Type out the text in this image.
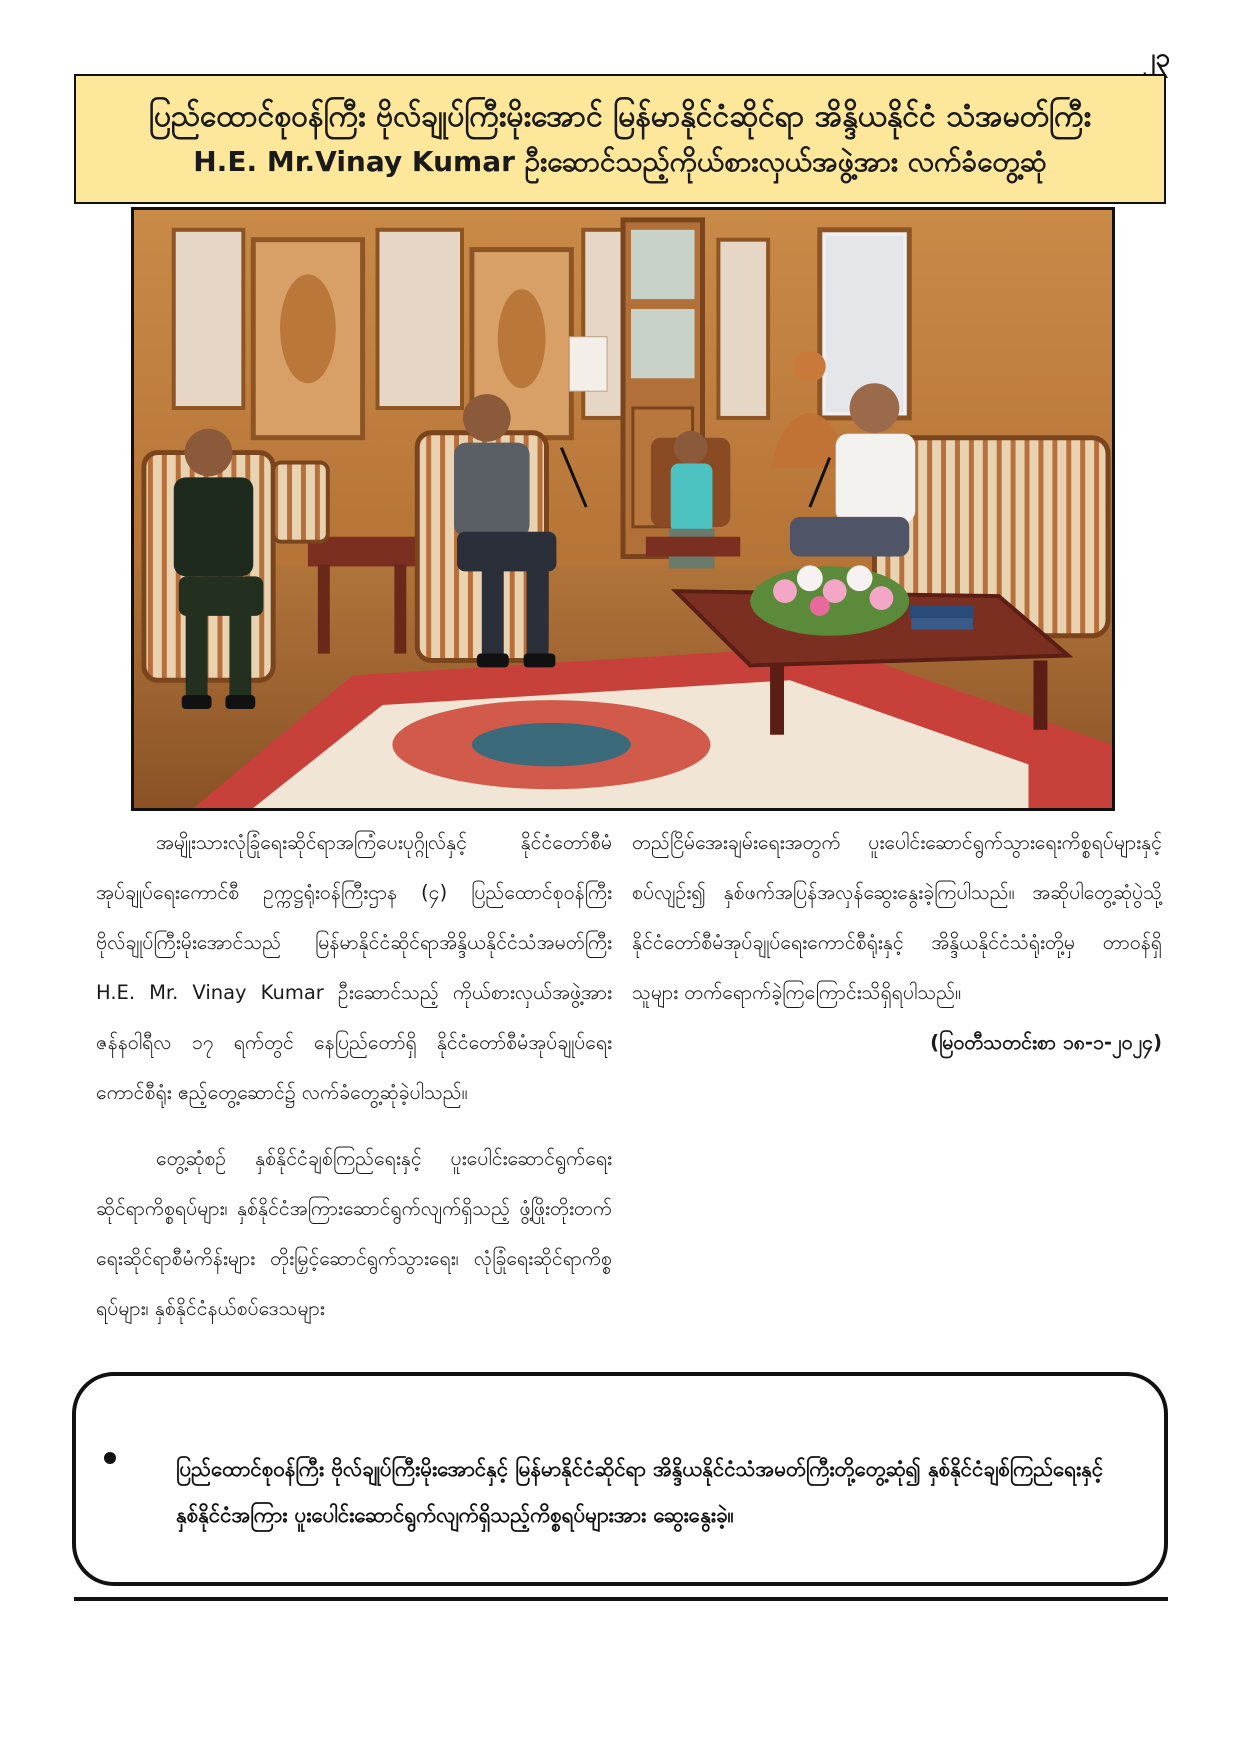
၂၃
ပြည်ထောင်စုဝန်ကြီး ဗိုလ်ချုပ်ကြီးမိုးအောင် မြန်မာနိုင်ငံဆိုင်ရာ အိန္ဒိယနိုင်ငံ သံအမတ်ကြီး
H.E. Mr.Vinay Kumar ဦးဆောင်သည့်ကိုယ်စားလှယ်အဖွဲ့အား လက်ခံတွေ့ဆုံ

အမျိုးသားလုံခြုံရေးဆိုင်ရာအကြံပေးပုဂ္ဂိုလ်နှင့် နိုင်ငံတော်စီမံအုပ်ချုပ်ရေးကောင်စီ ဥက္ကဋ္ဌရုံးဝန်ကြီးဌာန (၄) ပြည်ထောင်စုဝန်ကြီး ဗိုလ်ချုပ်ကြီးမိုးအောင်သည် မြန်မာနိုင်ငံဆိုင်ရာအိန္ဒိယနိုင်ငံသံအမတ်ကြီး H.E. Mr. Vinay Kumar ဦးဆောင်သည့် ကိုယ်စားလှယ်အဖွဲ့အား ဇန်နဝါရီလ ၁၇ ရက်တွင် နေပြည်တော်ရှိ နိုင်ငံတော်စီမံအုပ်ချုပ်ရေးကောင်စီရုံး ဧည့်တွေ့ဆောင်၌ လက်ခံတွေ့ဆုံခဲ့ပါသည်။

တွေ့ဆုံစဉ် နှစ်နိုင်ငံချစ်ကြည်ရေးနှင့် ပူးပေါင်းဆောင်ရွက်ရေးဆိုင်ရာကိစ္စရပ်များ၊ နှစ်နိုင်ငံအကြားဆောင်ရွက်လျက်ရှိသည့် ဖွံ့ဖြိုးတိုးတက်ရေးဆိုင်ရာစီမံကိန်းများ တိုးမြှင့်ဆောင်ရွက်သွားရေး၊ လုံခြုံရေးဆိုင်ရာကိစ္စရပ်များ၊ နှစ်နိုင်ငံနယ်စပ်ဒေသများ

တည်ငြိမ်အေးချမ်းရေးအတွက် ပူးပေါင်းဆောင်ရွက်သွားရေးကိစ္စရပ်များနှင့်စပ်လျဉ်း၍ နှစ်ဖက်အပြန်အလှန်ဆွေးနွေးခဲ့ကြပါသည်။ အဆိုပါတွေ့ဆုံပွဲသို့ နိုင်ငံတော်စီမံအုပ်ချုပ်ရေးကောင်စီရုံးနှင့် အိန္ဒိယနိုင်ငံသံရုံးတို့မှ တာဝန်ရှိသူများ တက်ရောက်ခဲ့ကြကြောင်းသိရှိရပါသည်။

(မြဝတီသတင်းစာ ၁၈-၁-၂၀၂၄)

ပြည်ထောင်စုဝန်ကြီး ဗိုလ်ချုပ်ကြီးမိုးအောင်နှင့် မြန်မာနိုင်ငံဆိုင်ရာ အိန္ဒိယနိုင်ငံသံအမတ်ကြီးတို့တွေ့ဆုံ၍ နှစ်နိုင်ငံချစ်ကြည်ရေးနှင့် နှစ်နိုင်ငံအကြား ပူးပေါင်းဆောင်ရွက်လျက်ရှိသည့်ကိစ္စရပ်များအား ဆွေးနွေးခဲ့။
